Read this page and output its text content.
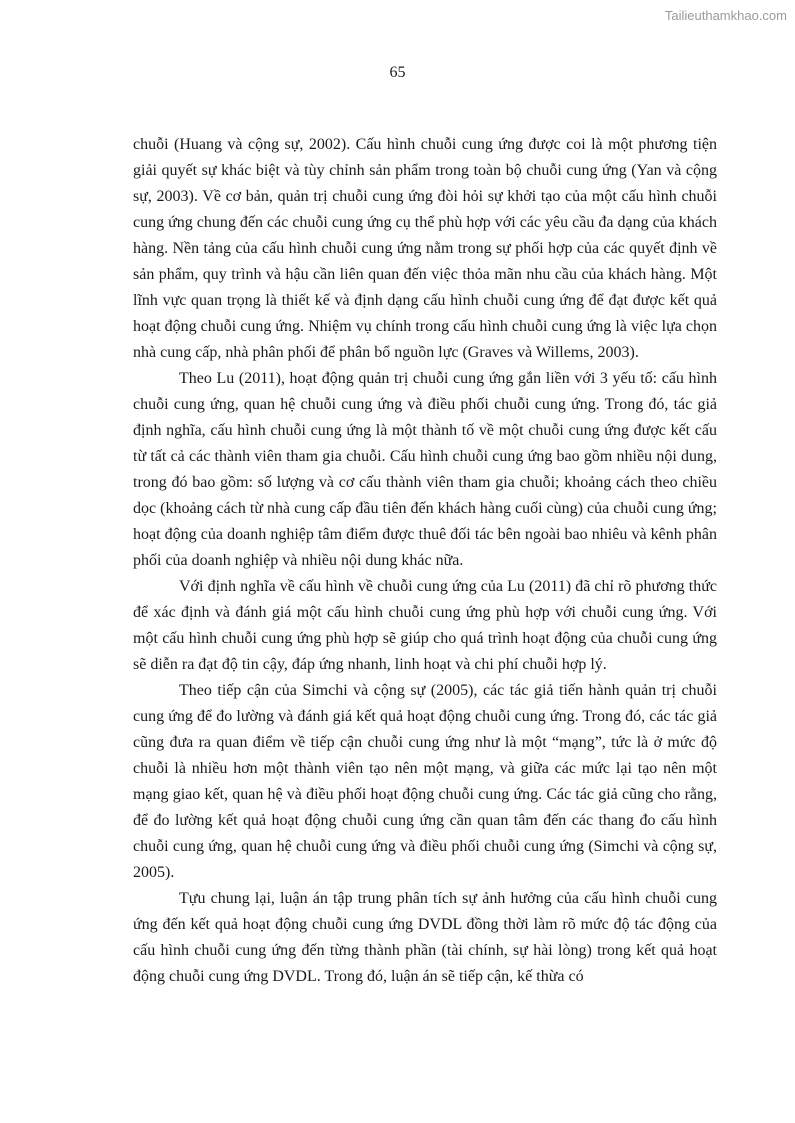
Tailieuthamkhao.com
65

chuỗi (Huang và cộng sự, 2002). Cấu hình chuỗi cung ứng được coi là một phương tiện giải quyết sự khác biệt và tùy chỉnh sản phẩm trong toàn bộ chuỗi cung ứng (Yan và cộng sự, 2003). Về cơ bản, quản trị chuỗi cung ứng đòi hỏi sự khởi tạo của một cấu hình chuỗi cung ứng chung đến các chuỗi cung ứng cụ thể phù hợp với các yêu cầu đa dạng của khách hàng. Nền tảng của cấu hình chuỗi cung ứng nằm trong sự phối hợp của các quyết định về sản phẩm, quy trình và hậu cần liên quan đến việc thỏa mãn nhu cầu của khách hàng. Một lĩnh vực quan trọng là thiết kế và định dạng cấu hình chuỗi cung ứng để đạt được kết quả hoạt động chuỗi cung ứng. Nhiệm vụ chính trong cấu hình chuỗi cung ứng là việc lựa chọn nhà cung cấp, nhà phân phối để phân bổ nguồn lực (Graves và Willems, 2003).

Theo Lu (2011), hoạt động quản trị chuỗi cung ứng gắn liền với 3 yếu tố: cấu hình chuỗi cung ứng, quan hệ chuỗi cung ứng và điều phối chuỗi cung ứng. Trong đó, tác giả định nghĩa, cấu hình chuỗi cung ứng là một thành tố về một chuỗi cung ứng được kết cấu từ tất cả các thành viên tham gia chuỗi. Cấu hình chuỗi cung ứng bao gồm nhiều nội dung, trong đó bao gồm: số lượng và cơ cấu thành viên tham gia chuỗi; khoảng cách theo chiều dọc (khoảng cách từ nhà cung cấp đầu tiên đến khách hàng cuối cùng) của chuỗi cung ứng; hoạt động của doanh nghiệp tâm điểm được thuê đối tác bên ngoài bao nhiêu và kênh phân phối của doanh nghiệp và nhiều nội dung khác nữa.

Với định nghĩa về cấu hình về chuỗi cung ứng của Lu (2011) đã chỉ rõ phương thức để xác định và đánh giá một cấu hình chuỗi cung ứng phù hợp với chuỗi cung ứng. Với một cấu hình chuỗi cung ứng phù hợp sẽ giúp cho quá trình hoạt động của chuỗi cung ứng sẽ diễn ra đạt độ tin cậy, đáp ứng nhanh, linh hoạt và chi phí chuỗi hợp lý.

Theo tiếp cận của Simchi và cộng sự (2005), các tác giả tiến hành quản trị chuỗi cung ứng để đo lường và đánh giá kết quả hoạt động chuỗi cung ứng. Trong đó, các tác giả cũng đưa ra quan điểm về tiếp cận chuỗi cung ứng như là một “mạng”, tức là ở mức độ chuỗi là nhiều hơn một thành viên tạo nên một mạng, và giữa các mức lại tạo nên một mạng giao kết, quan hệ và điều phối hoạt động chuỗi cung ứng. Các tác giả cũng cho rằng, để đo lường kết quả hoạt động chuỗi cung ứng cần quan tâm đến các thang đo cấu hình chuỗi cung ứng, quan hệ chuỗi cung ứng và điều phối chuỗi cung ứng (Simchi và cộng sự, 2005).

Tựu chung lại, luận án tập trung phân tích sự ảnh hưởng của cấu hình chuỗi cung ứng đến kết quả hoạt động chuỗi cung ứng DVDL đồng thời làm rõ mức độ tác động của cấu hình chuỗi cung ứng đến từng thành phần (tài chính, sự hài lòng) trong kết quả hoạt động chuỗi cung ứng DVDL. Trong đó, luận án sẽ tiếp cận, kế thừa có
